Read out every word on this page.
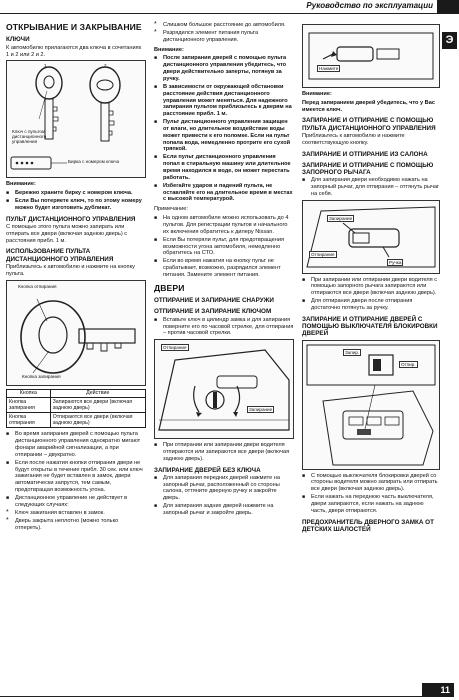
Руководство по эксплуатации
Э
ОТКРЫВАНИЕ И ЗАКРЫВАНИЕ
КЛЮЧИ

К автомобилю прилагаются два ключа в сочетаниях 1 и 2 или 2 и 2.

1	2
Ключ с пультом дистанционного управления
Бирка с номером ключа

Внимание:

■ Бережно храните бирку с номером ключа.
■ Если Вы потеряете ключ, то по этому номеру можно будет изготовить дубликат.
ПУЛЬТ ДИСТАНЦИОННОГО УПРАВЛЕНИЯ

С помощью этого пульта можно запирать или отпирать все двери (включая заднюю дверь) с расстояния прибл. 1 м.

ИСПОЛЬЗОВАНИЕ ПУЛЬТА ДИСТАНЦИОННОГО УПРАВЛЕНИЯ

Приблизьтесь к автомобилю и нажмите на кнопку пульта.

Кнопка отпирания
Кнопка запирания
Кнопка	Действие
Кнопка запирания	Запираются все двери (включая заднюю дверь)
Кнопка отпирания	Отпираются все двери (включая заднюю дверь)
■ Во время запирания дверей с помощью пульта дистанционного управления однократно мигают фонари аварийной сигнализации, а при отпирании – двукратно.
■ Если после нажатия кнопки отпирания двери не будут открыты в течение прибл. 30 сек. или ключ зажигания не будет вставлен в замок, двери автоматически запрутся, тем самым, предотвращая возможность угона.
■ Дистанционное управление не действует в следующих случаях:
* Ключ зажигания вставлен в замок.
* Дверь закрыта неплотно (можно только отпереть).
* Слишком большое расстояние до автомобиля.
* Разрядился элемент питания пульта дистанционного управления.

Внимание:

■ После запирания дверей с помощью пульта дистанционного управления убедитесь, что двери действительно заперты, потянув за ручку.
■ В зависимости от окружающей обстановки расстояние действия дистанционного управления может меняться. Для надежного запирания пультом приблизьтесь к дверям на расстояние прибл. 1 м.
■ Пульт дистанционного управления защищен от влаги, но длительное воздействие воды может привести к его поломке. Если на пульт попала вода, немедленно протрите его сухой тряпкой.
■ Если пульт дистанционного управления попал в стиральную машину или длительное время находился в воде, он может перестать работать.
■ Избегайте ударов и падений пульта, не оставляйте его на длительное время в местах с высокой температурой.

Примечание:

■ На одном автомобиле можно использовать до 4 пультов. Для регистрации пультов и начального их включения обратитесь к дилеру Nissan.
■ Если Вы потеряли пульт, для предотвращения возможности угона автомобиля, немедленно обратитесь на СТО.
■ Если во время нажатия на кнопку пульт не срабатывает, возможно, разрядился элемент питания. Замените элемент питания.
ДВЕРИ
ОТПИРАНИЕ И ЗАПИРАНИЕ СНАРУЖИ
ОТПИРАНИЕ И ЗАПИРАНИЕ КЛЮЧОМ
■ Вставьте ключ в цилиндр замка и для запирания поверните его по часовой стрелке, для отпирания – против часовой стрелки.
Отпирание
Запирание
■ При отпирании или запирании двери водителя отпираются или запираются все двери (включая заднюю дверь).
ЗАПИРАНИЕ ДВЕРЕЙ БЕЗ КЛЮЧА
■ Для запирания передних дверей нажмите на запорный рычаг, расположенный со стороны салона, оттяните дверную ручку и закройте дверь.
■ Для запирания задних дверей нажмите на запорный рычаг и закройте дверь.
Нажмите

Внимание:

Перед запиранием дверей убедитесь, что у Вас имеется ключ.

ЗАПИРАНИЕ И ОТПИРАНИЕ С ПОМОЩЬЮ ПУЛЬТА ДИСТАНЦИОННОГО УПРАВЛЕНИЯ

Приблизьтесь к автомобилю и нажмите соответствующую кнопку.

ЗАПИРАНИЕ И ОТПИРАНИЕ ИЗ САЛОНА
ЗАПИРАНИЕ И ОТПИРАНИЕ С ПОМОЩЬЮ ЗАПОРНОГО РЫЧАГА
■ Для запирания двери необходимо нажать на запорный рычаг, для отпирания – оттянуть рычаг на себя.
Запирание
Отпирание
Ручка
■ При запирании или отпирании двери водителя с помощью запорного рычага запираются или отпираются все двери (включая заднюю дверь).
■ Для отпирания двери после отпирания достаточно потянуть за ручку.
ЗАПИРАНИЕ И ОТПИРАНИЕ ДВЕРЕЙ С ПОМОЩЬЮ ВЫКЛЮЧАТЕЛЯ БЛОКИРОВКИ ДВЕРЕЙ
Запир.
Отпир.
■ С помощью выключателя блокировки дверей со стороны водителя можно запирать или отпирать все двери (включая заднюю дверь).
■ Если нажать на переднюю часть выключателя, двери запираются, если нажать на заднюю часть, двери отпираются.
ПРЕДОХРАНИТЕЛЬ ДВЕРНОГО ЗАМКА ОТ ДЕТСКИХ ШАЛОСТЕЙ
11
